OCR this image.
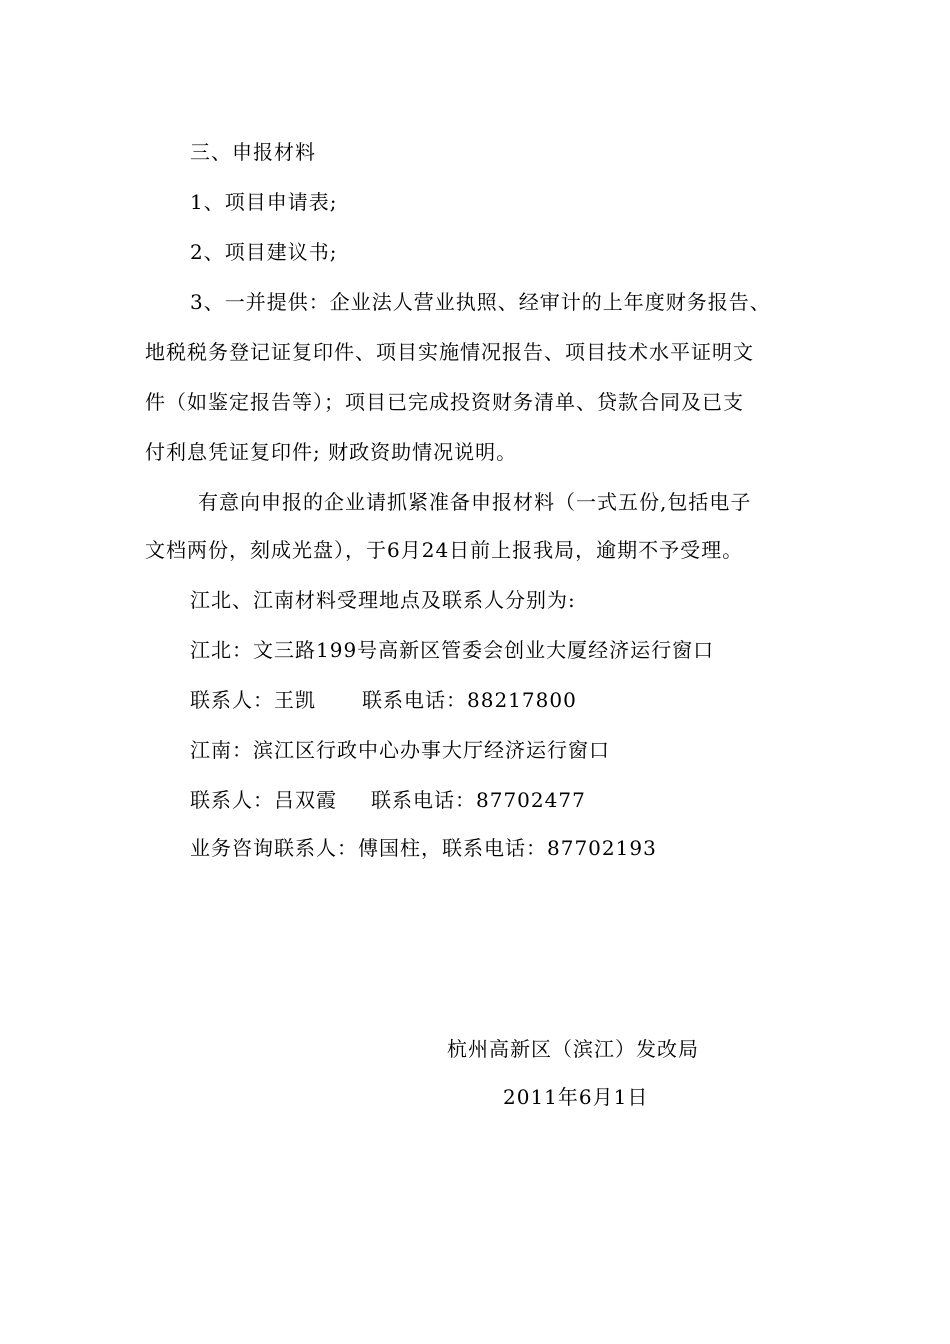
三、申报材料
1、项目申请表;
2、项目建议书;
3、一并提供：企业法人营业执照、经审计的上年度财务报告、
地税税务登记证复印件、项目实施情况报告、项目技术水平证明文
件（如鉴定报告等）；项目已完成投资财务清单、贷款合同及已支
付利息凭证复印件; 财政资助情况说明。
有意向申报的企业请抓紧准备申报材料（一式五份,包括电子
文档两份，刻成光盘），于6月24日前上报我局，逾期不予受理。
江北、江南材料受理地点及联系人分别为:
江北：文三路199号高新区管委会创业大厦经济运行窗口
联系人：王凯 联系电话：88217800
江南：滨江区行政中心办事大厅经济运行窗口
联系人：吕双霞 联系电话：87702477
业务咨询联系人：傅国柱，联系电话：87702193
杭州高新区（滨江）发改局
2011年6月1日
